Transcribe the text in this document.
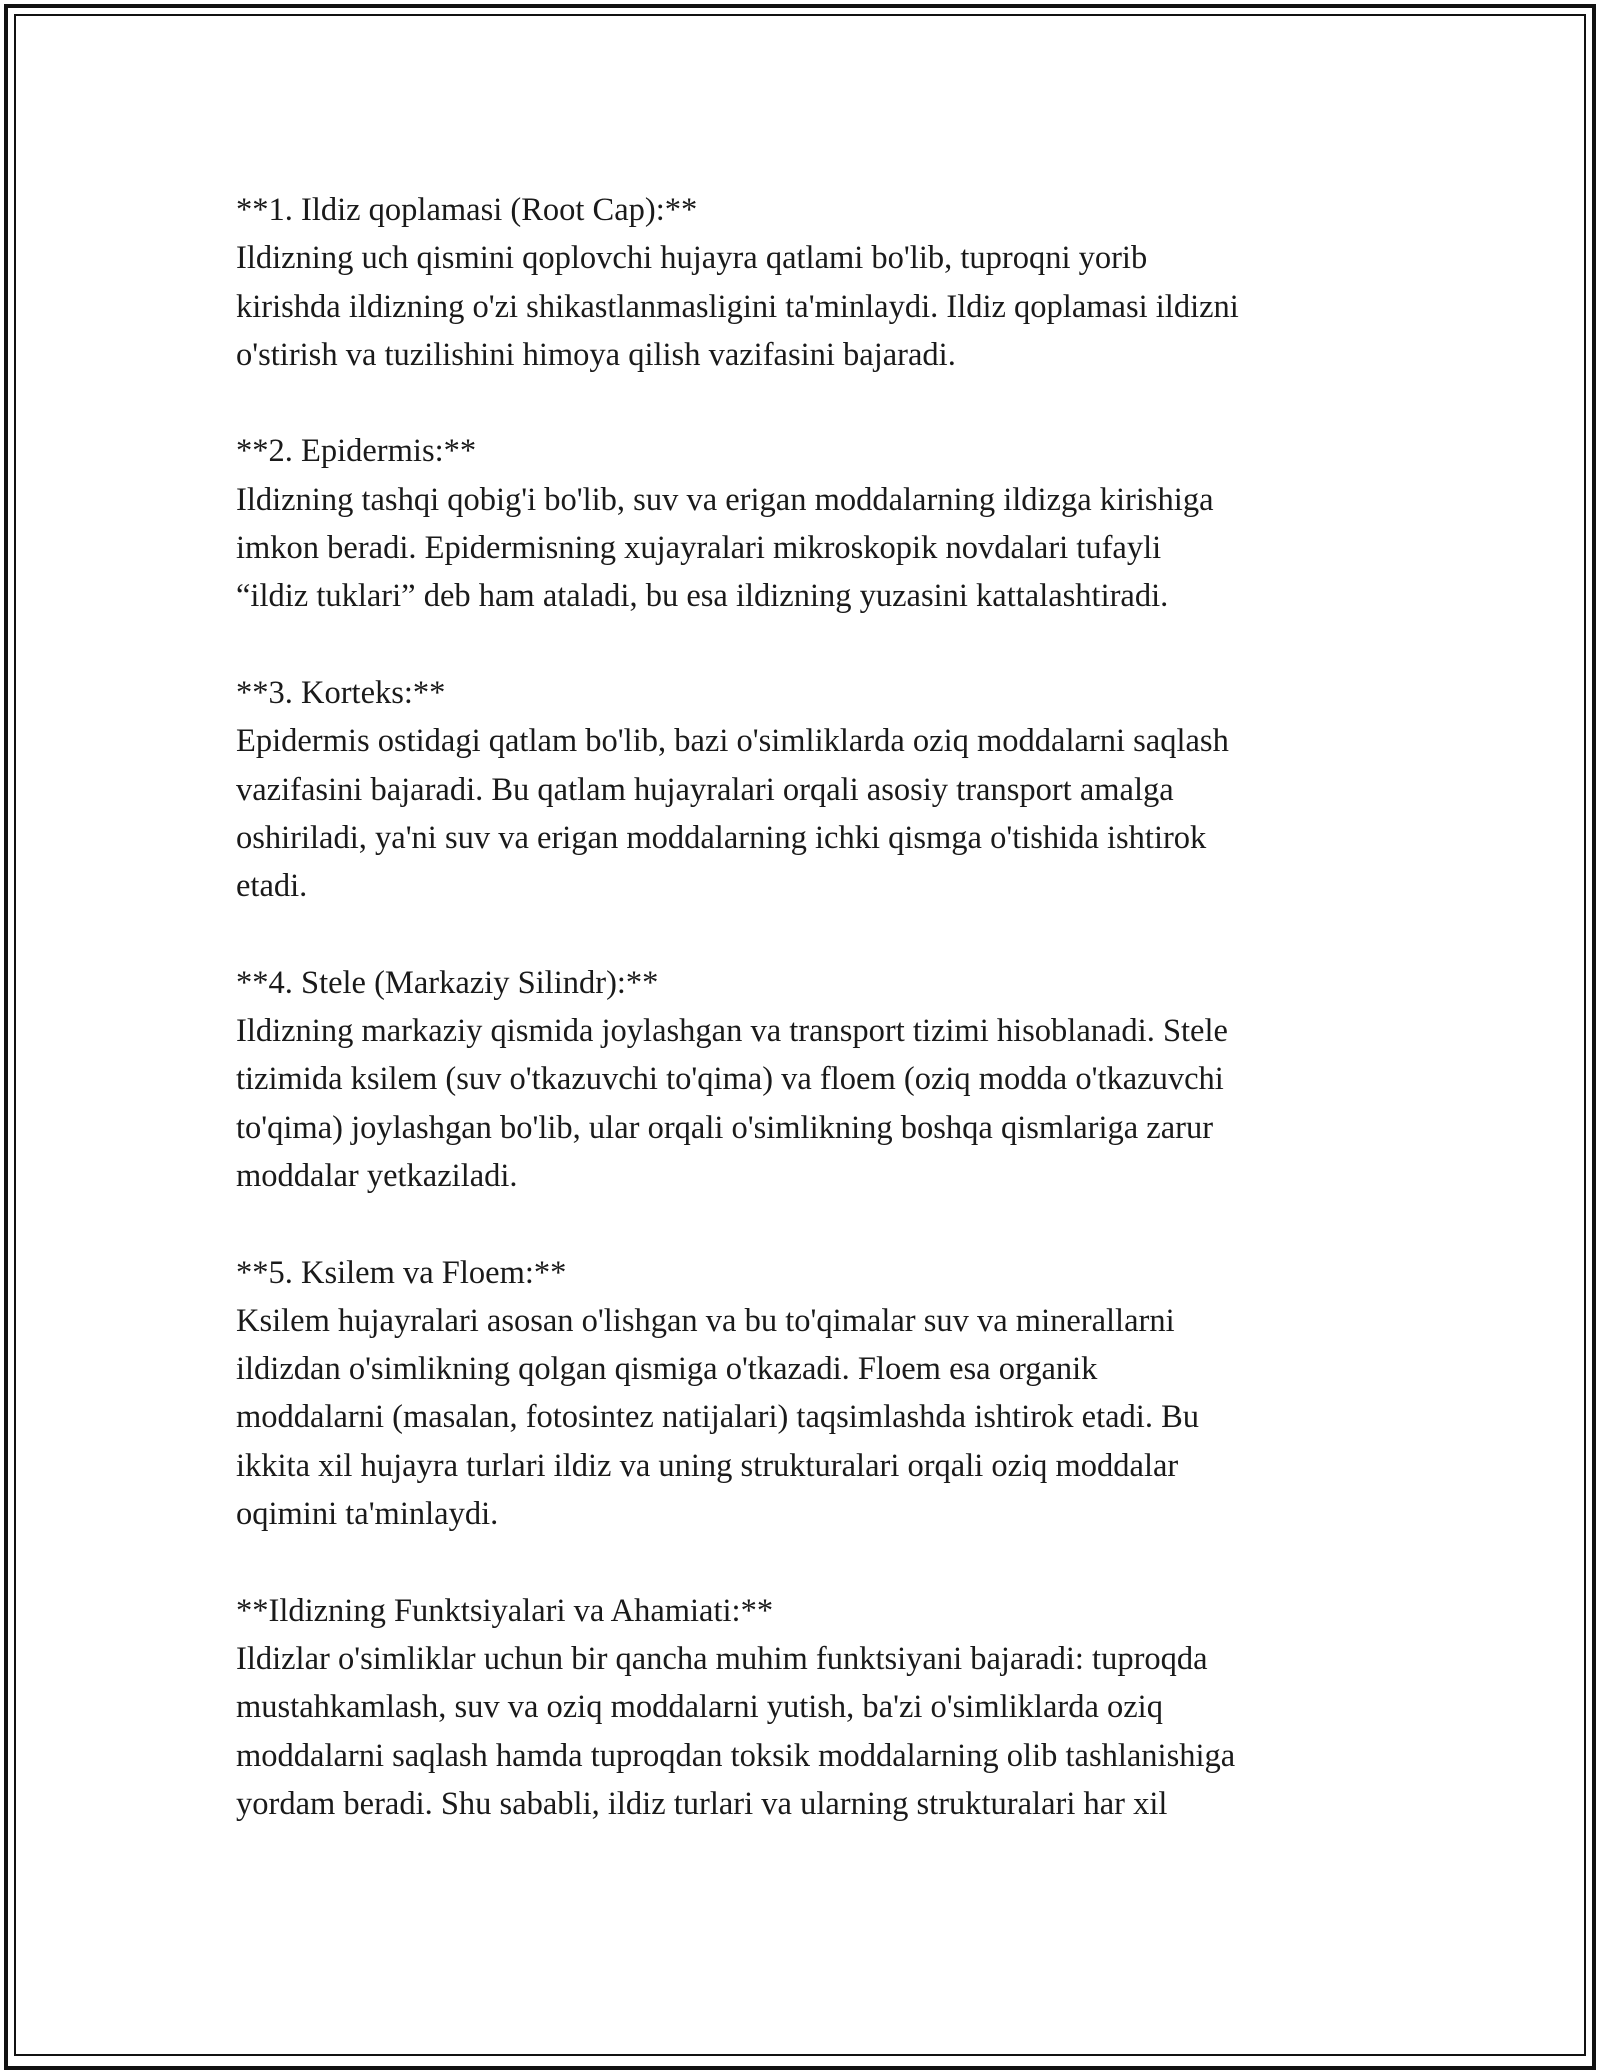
**1. Ildiz qoplamasi (Root Cap):**

Ildizning uch qismini qoplovchi hujayra qatlami bo'lib, tuproqni yorib
kirishda ildizning o'zi shikastlanmasligini ta'minlaydi. Ildiz qoplamasi ildizni
o'stirish va tuzilishini himoya qilish vazifasini bajaradi.

**2. Epidermis:**

Ildizning tashqi qobig'i bo'lib, suv va erigan moddalarning ildizga kirishiga
imkon beradi. Epidermisning xujayralari mikroskopik novdalari tufayli
“ildiz tuklari” deb ham ataladi, bu esa ildizning yuzasini kattalashtiradi.

**3. Korteks:**

Epidermis ostidagi qatlam bo'lib, bazi o'simliklarda oziq moddalarni saqlash
vazifasini bajaradi. Bu qatlam hujayralari orqali asosiy transport amalga
oshiriladi, ya'ni suv va erigan moddalarning ichki qismga o'tishida ishtirok
etadi.

**4. Stele (Markaziy Silindr):**

Ildizning markaziy qismida joylashgan va transport tizimi hisoblanadi. Stele
tizimida ksilem (suv o'tkazuvchi to'qima) va floem (oziq modda o'tkazuvchi
to'qima) joylashgan bo'lib, ular orqali o'simlikning boshqa qismlariga zarur
moddalar yetkaziladi.

**5. Ksilem va Floem:**

Ksilem hujayralari asosan o'lishgan va bu to'qimalar suv va minerallarni
ildizdan o'simlikning qolgan qismiga o'tkazadi. Floem esa organik
moddalarni (masalan, fotosintez natijalari) taqsimlashda ishtirok etadi. Bu
ikkita xil hujayra turlari ildiz va uning strukturalari orqali oziq moddalar
oqimini ta'minlaydi.

**Ildizning Funktsiyalari va Ahamiati:**

Ildizlar o'simliklar uchun bir qancha muhim funktsiyani bajaradi: tuproqda
mustahkamlash, suv va oziq moddalarni yutish, ba'zi o'simliklarda oziq
moddalarni saqlash hamda tuproqdan toksik moddalarning olib tashlanishiga
yordam beradi. Shu sababli, ildiz turlari va ularning strukturalari har xil
